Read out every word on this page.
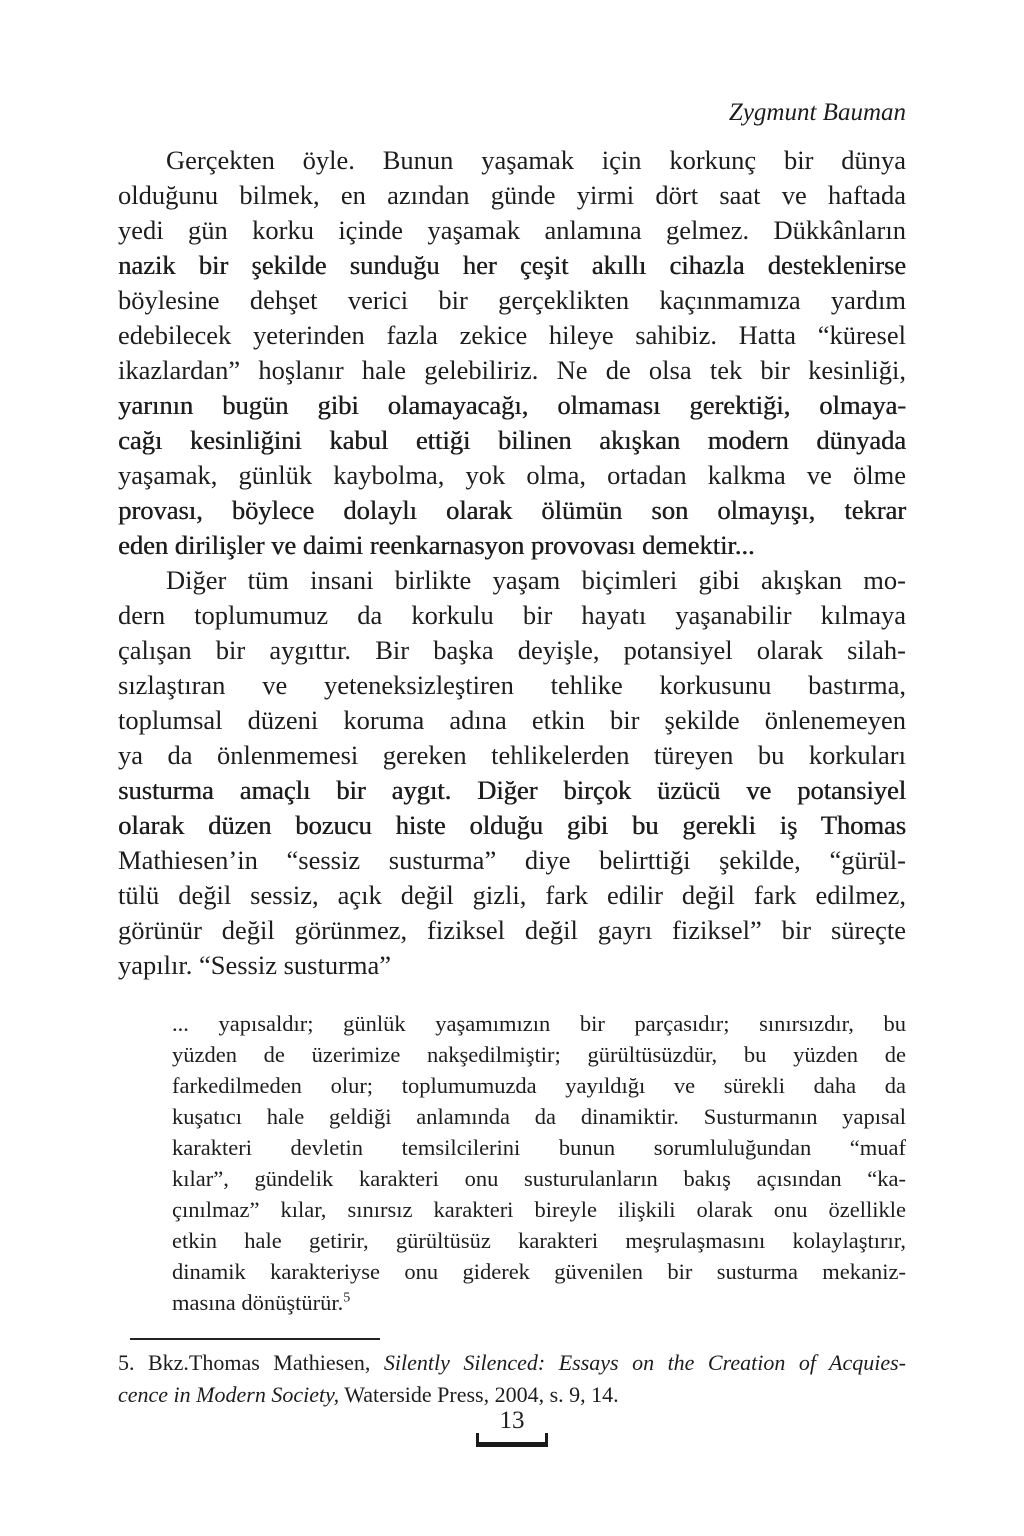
Zygmunt Bauman
Gerçekten öyle. Bunun yaşamak için korkunç bir dünya
olduğunu bilmek, en azından günde yirmi dört saat ve haftada
yedi gün korku içinde yaşamak anlamına gelmez. Dükkânların
nazik bir şekilde sunduğu her çeşit akıllı cihazla desteklenirse
böylesine dehşet verici bir gerçeklikten kaçınmamıza yardım
edebilecek yeterinden fazla zekice hileye sahibiz. Hatta “küresel
ikazlardan” hoşlanır hale gelebiliriz. Ne de olsa tek bir kesinliği,
yarının bugün gibi olamayacağı, olmaması gerektiği, olmaya-
cağı kesinliğini kabul ettiği bilinen akışkan modern dünyada
yaşamak, günlük kaybolma, yok olma, ortadan kalkma ve ölme
provası, böylece dolaylı olarak ölümün son olmayışı, tekrar
eden dirilişler ve daimi reenkarnasyon provovası demektir...
Diğer tüm insani birlikte yaşam biçimleri gibi akışkan mo-
dern toplumumuz da korkulu bir hayatı yaşanabilir kılmaya
çalışan bir aygıttır. Bir başka deyişle, potansiyel olarak silah-
sızlaştıran ve yeteneksizleştiren tehlike korkusunu bastırma,
toplumsal düzeni koruma adına etkin bir şekilde önlenemeyen
ya da önlenmemesi gereken tehlikelerden türeyen bu korkuları
susturma amaçlı bir aygıt. Diğer birçok üzücü ve potansiyel
olarak düzen bozucu histe olduğu gibi bu gerekli iş Thomas
Mathiesen’in “sessiz susturma” diye belirttiği şekilde, “gürül-
tülü değil sessiz, açık değil gizli, fark edilir değil fark edilmez,
görünür değil görünmez, fiziksel değil gayrı fiziksel” bir süreçte
yapılır. “Sessiz susturma”
... yapısaldır; günlük yaşamımızın bir parçasıdır; sınırsızdır, bu
yüzden de üzerimize nakşedilmiştir; gürültüsüzdür, bu yüzden de
farkedilmeden olur; toplumumuzda yayıldığı ve sürekli daha da
kuşatıcı hale geldiği anlamında da dinamiktir. Susturmanın yapısal
karakteri devletin temsilcilerini bunun sorumluluğundan “muaf
kılar”, gündelik karakteri onu susturulanların bakış açısından “ka-
çınılmaz” kılar, sınırsız karakteri bireyle ilişkili olarak onu özellikle
etkin hale getirir, gürültüsüz karakteri meşrulaşmasını kolaylaştırır,
dinamik karakteriyse onu giderek güvenilen bir susturma mekaniz-
masına dönüştürür.$^5$
5. Bkz.Thomas Mathiesen, Silently Silenced: Essays on the Creation of Acquies-
cence in Modern Society, Waterside Press, 2004, s. 9, 14.
13
